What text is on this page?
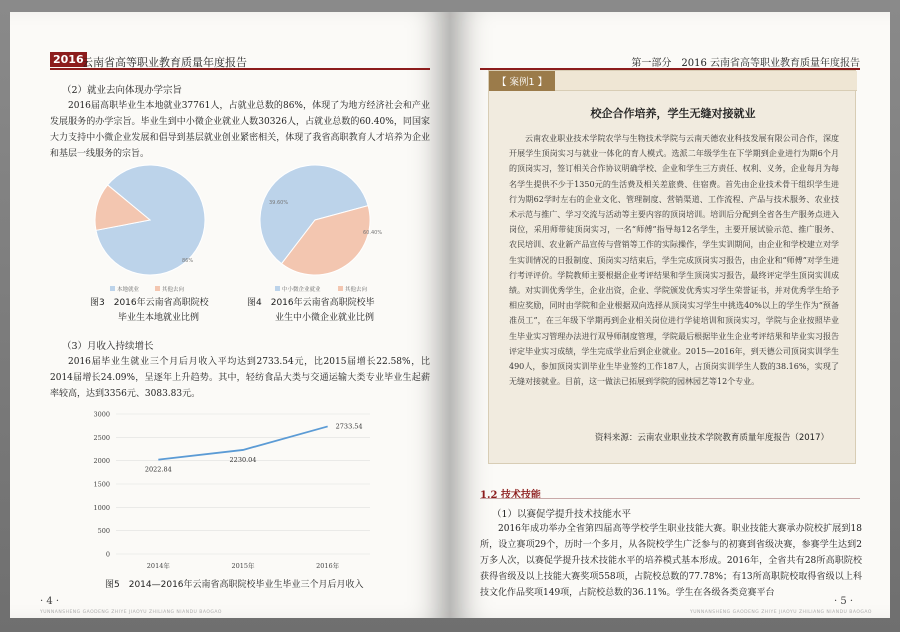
2016
云南省高等职业教育质量年度报告
（2）就业去向体现办学宗旨
2016届高职毕业生本地就业37761人，占就业总数的86%，体现了为地方经济社会和产业发展服务的办学宗旨。毕业生到中小微企业就业人数30326人，占就业总数的60.40%，同国家大力支持中小微企业发展和倡导到基层就业创业紧密相关，体现了我省高职教育人才培养为企业和基层一线服务的宗旨。
86%
本地就业	其他去向
60.40%
39.60%
中小微企业就业	其他去向
图3　2016年云南省高职院校
毕业生本地就业比例
图4　2016年云南省高职院校毕
业生中小微企业就业比例
（3）月收入持续增长
2016届毕业生就业三个月后月收入平均达到2733.54元，比2015届增长22.58%，比2014届增长24.09%，呈逐年上升趋势。其中，轻纺食品大类与交通运输大类专业毕业生起薪率较高，达到3356元、3083.83元。
0
500
1000
1500
2000
2500
3000
2014年	2015年	2016年
2022.84
2230.04
2733.54
图5　2014—2016年云南省高职院校毕业生毕业三个月后月收入
· 4 ·
YUNNANSHENG GAODENG ZHIYE JIAOYU ZHILIANG NIANDU BAOGAO
第一部分　2016 云南省高等职业教育质量年度报告
【 案例1 】
校企合作培养，学生无缝对接就业
云南农业职业技术学院农学与生物技术学院与云南天德农业科技发展有限公司合作，深度开展学生顶岗实习与就业一体化的育人模式。选派二年级学生在下学期到企业进行为期6个月的顶岗实习，签订相关合作协议明确学校、企业和学生三方责任、权利、义务，企业每月为每名学生提供不少于1350元的生活费及相关差旅费、住宿费。首先由企业技术骨干组织学生进行为期62学时左右的企业文化、管理制度、营销渠道、工作流程、产品与技术服务、农业技术示范与推广、学习交流与活动等主要内容的顶岗培训。培训后分配到全省各生产服务点进入岗位，采用师带徒顶岗实习，一名“师傅”指导每12名学生，主要开展试验示范、推广服务、农民培训、农业新产品宣传与营销等工作的实际操作，学生实训期间，由企业和学校建立对学生实训情况的日报制度、顶岗实习结束后，学生完成顶岗实习报告，由企业和“师傅”对学生进行考评评价。学院教师主要根据企业考评结果和学生顶岗实习报告，最终评定学生顶岗实训成绩。对实训优秀学生，企业出资，企业、学院颁发优秀实习学生荣誉证书，并对优秀学生给予相应奖励，同时由学院和企业根据双向选择从顶岗实习学生中挑选40%以上的学生作为“预备准员工”，在三年级下学期再到企业相关岗位进行学徒培训和顶岗实习，学院与企业按照毕业生毕业实习管理办法进行双导师制度管理，学院最后根据毕业生企业考评结果和毕业实习报告评定毕业实习成绩，学生完成学业后到企业就业。2015—2016年，到天德公司顶岗实训学生490人，参加顶岗实训毕业生毕业签约工作187人，占顶岗实训学生人数的38.16%，实现了无缝对接就业。目前，这一做法已拓展到学院的园林园艺等12个专业。
资料来源：云南农业职业技术学院教育质量年度报告（2017）
1.2 技术技能
（1）以赛促学提升技术技能水平
2016年成功举办全省第四届高等学校学生职业技能大赛。职业技能大赛承办院校扩展到18所，设立赛项29个，历时一个多月，从各院校学生广泛参与的初赛到省级决赛，参赛学生达到2万多人次，以赛促学提升技术技能水平的培养模式基本形成。2016年，全省共有28所高职院校获得省级及以上技能大赛奖项558项，占院校总数的77.78%；有13所高职院校取得省级以上科技文化作品奖项149项，占院校总数的36.11%。学生在各级各类竞赛平台
· 5 ·
YUNNANSHENG GAODENG ZHIYE JIAOYU ZHILIANG NIANDU BAOGAO
